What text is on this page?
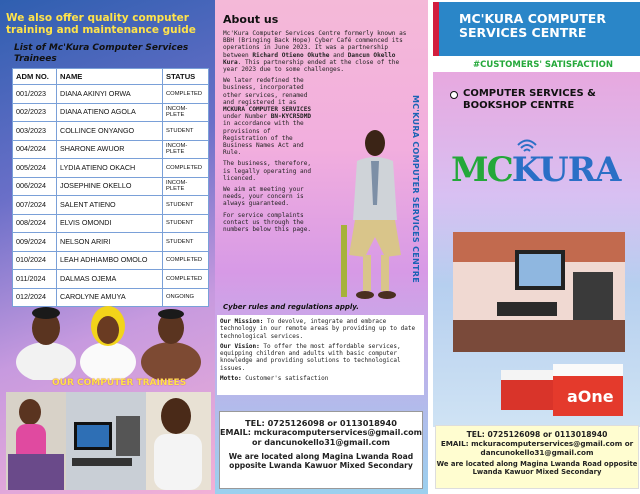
We also offer quality computer
training and maintenance guide
List of Mc'Kura Computer Services
Trainees
ADM NO.	NAME	STATUS
001/2023	DIANA AKINYI ORWA	COMPLETED
002/2023	DIANA ATIENO AGOLA	INCOM-PLETE
003/2023	COLLINCE ONYANGO	STUDENT
004/2024	SHARONE AWUOR	INCOM-PLETE
005/2024	LYDIA ATIENO OKACH	COMPLETED
006/2024	JOSEPHINE OKELLO	INCOM-PLETE
007/2024	SALENT ATIENO	STUDENT
008/2024	ELVIS OMONDI	STUDENT
009/2024	NELSON ARIRI	STUDENT
010/2024	LEAH ADHIAMBO OMOLO	COMPLETED
011/2024	DALMAS OJEMA	COMPLETED
012/2024	CAROLYNE AMUYA	ONGOING
OUR COMPUTER TRAINEES
About us

Mc'Kura Computer Services Centre formerly known as BBH (Bringing Back Hope) Cyber Café commenced its operations in June 2023. It was a partnership between Richard Otieno Okuthe and Dancun Okello Kura. This partnership ended at the close of the year 2023 due to some challenges.

We later redefined the business, incorporated other services, renamed and registered it as MCKURA COMPUTER SERVICES under Number BN-KYCR5DMD in accordance with the provisions of Registration of the Business Names Act and Rule.

The business, therefore, is legally operating and licenced.

We aim at meeting your needs, your concern is always guaranteed.

For service complaints contact us through the numbers below this page.	MC'KURA COMPUTER SERVICES CENTRE
Cyber rules and regulations apply.

Our Mission: To devolve, integrate and embrace technology in our remote areas by providing up to date technological services.

Our Vision: To offer the most affordable services, equipping children and adults with basic computer knowledge and providing solutions to technological issues.

Motto: Customer's satisfaction

TEL: 0725126098 or 0113018940
EMAIL: mckuracomputerservices@gmail.com
or dancunokello31@gmail.com
We are located along Magina Lwanda Road opposite Lwanda Kawuor Mixed Secondary
MC'KURA COMPUTER
SERVICES CENTRE
#CUSTOMERS' SATISFACTION
COMPUTER SERVICES &
BOOKSHOP CENTRE
MCKURA
aOne
TEL: 0725126098 or 0113018940
EMAIL: mckuracomputerservices@gmail.com or
dancunokello31@gmail.com
We are located along Magina Lwanda Road opposite Lwanda Kawuor Mixed Secondary
